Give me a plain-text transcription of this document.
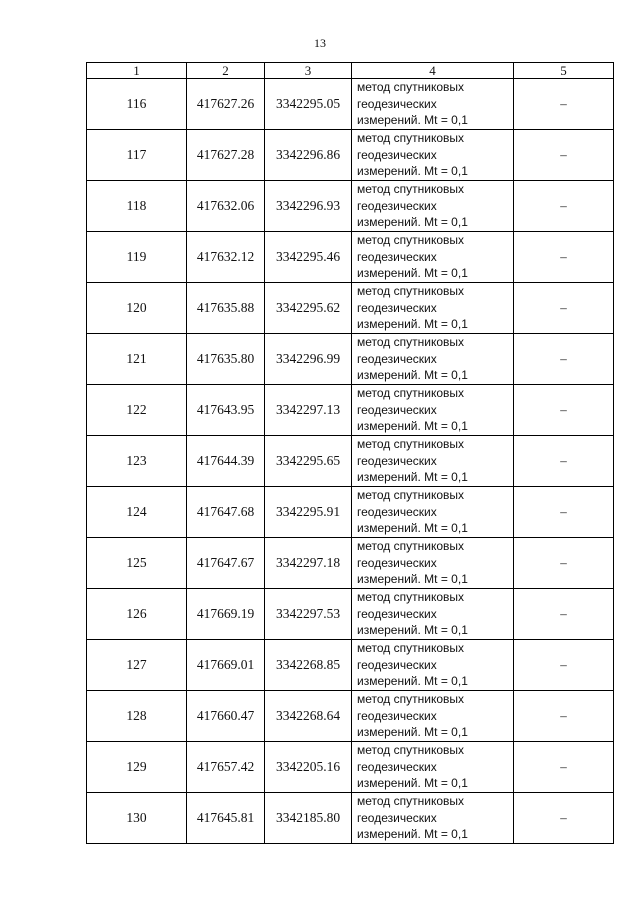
13
1	2	3	4	5
116	417627.26	3342295.05	метод спутниковых
геодезических
измерений. Mt = 0,1	–
117	417627.28	3342296.86	метод спутниковых
геодезических
измерений. Mt = 0,1	–
118	417632.06	3342296.93	метод спутниковых
геодезических
измерений. Mt = 0,1	–
119	417632.12	3342295.46	метод спутниковых
геодезических
измерений. Mt = 0,1	–
120	417635.88	3342295.62	метод спутниковых
геодезических
измерений. Mt = 0,1	–
121	417635.80	3342296.99	метод спутниковых
геодезических
измерений. Mt = 0,1	–
122	417643.95	3342297.13	метод спутниковых
геодезических
измерений. Mt = 0,1	–
123	417644.39	3342295.65	метод спутниковых
геодезических
измерений. Mt = 0,1	–
124	417647.68	3342295.91	метод спутниковых
геодезических
измерений. Mt = 0,1	–
125	417647.67	3342297.18	метод спутниковых
геодезических
измерений. Mt = 0,1	–
126	417669.19	3342297.53	метод спутниковых
геодезических
измерений. Mt = 0,1	–
127	417669.01	3342268.85	метод спутниковых
геодезических
измерений. Mt = 0,1	–
128	417660.47	3342268.64	метод спутниковых
геодезических
измерений. Mt = 0,1	–
129	417657.42	3342205.16	метод спутниковых
геодезических
измерений. Mt = 0,1	–
130	417645.81	3342185.80	метод спутниковых
геодезических
измерений. Mt = 0,1	–
